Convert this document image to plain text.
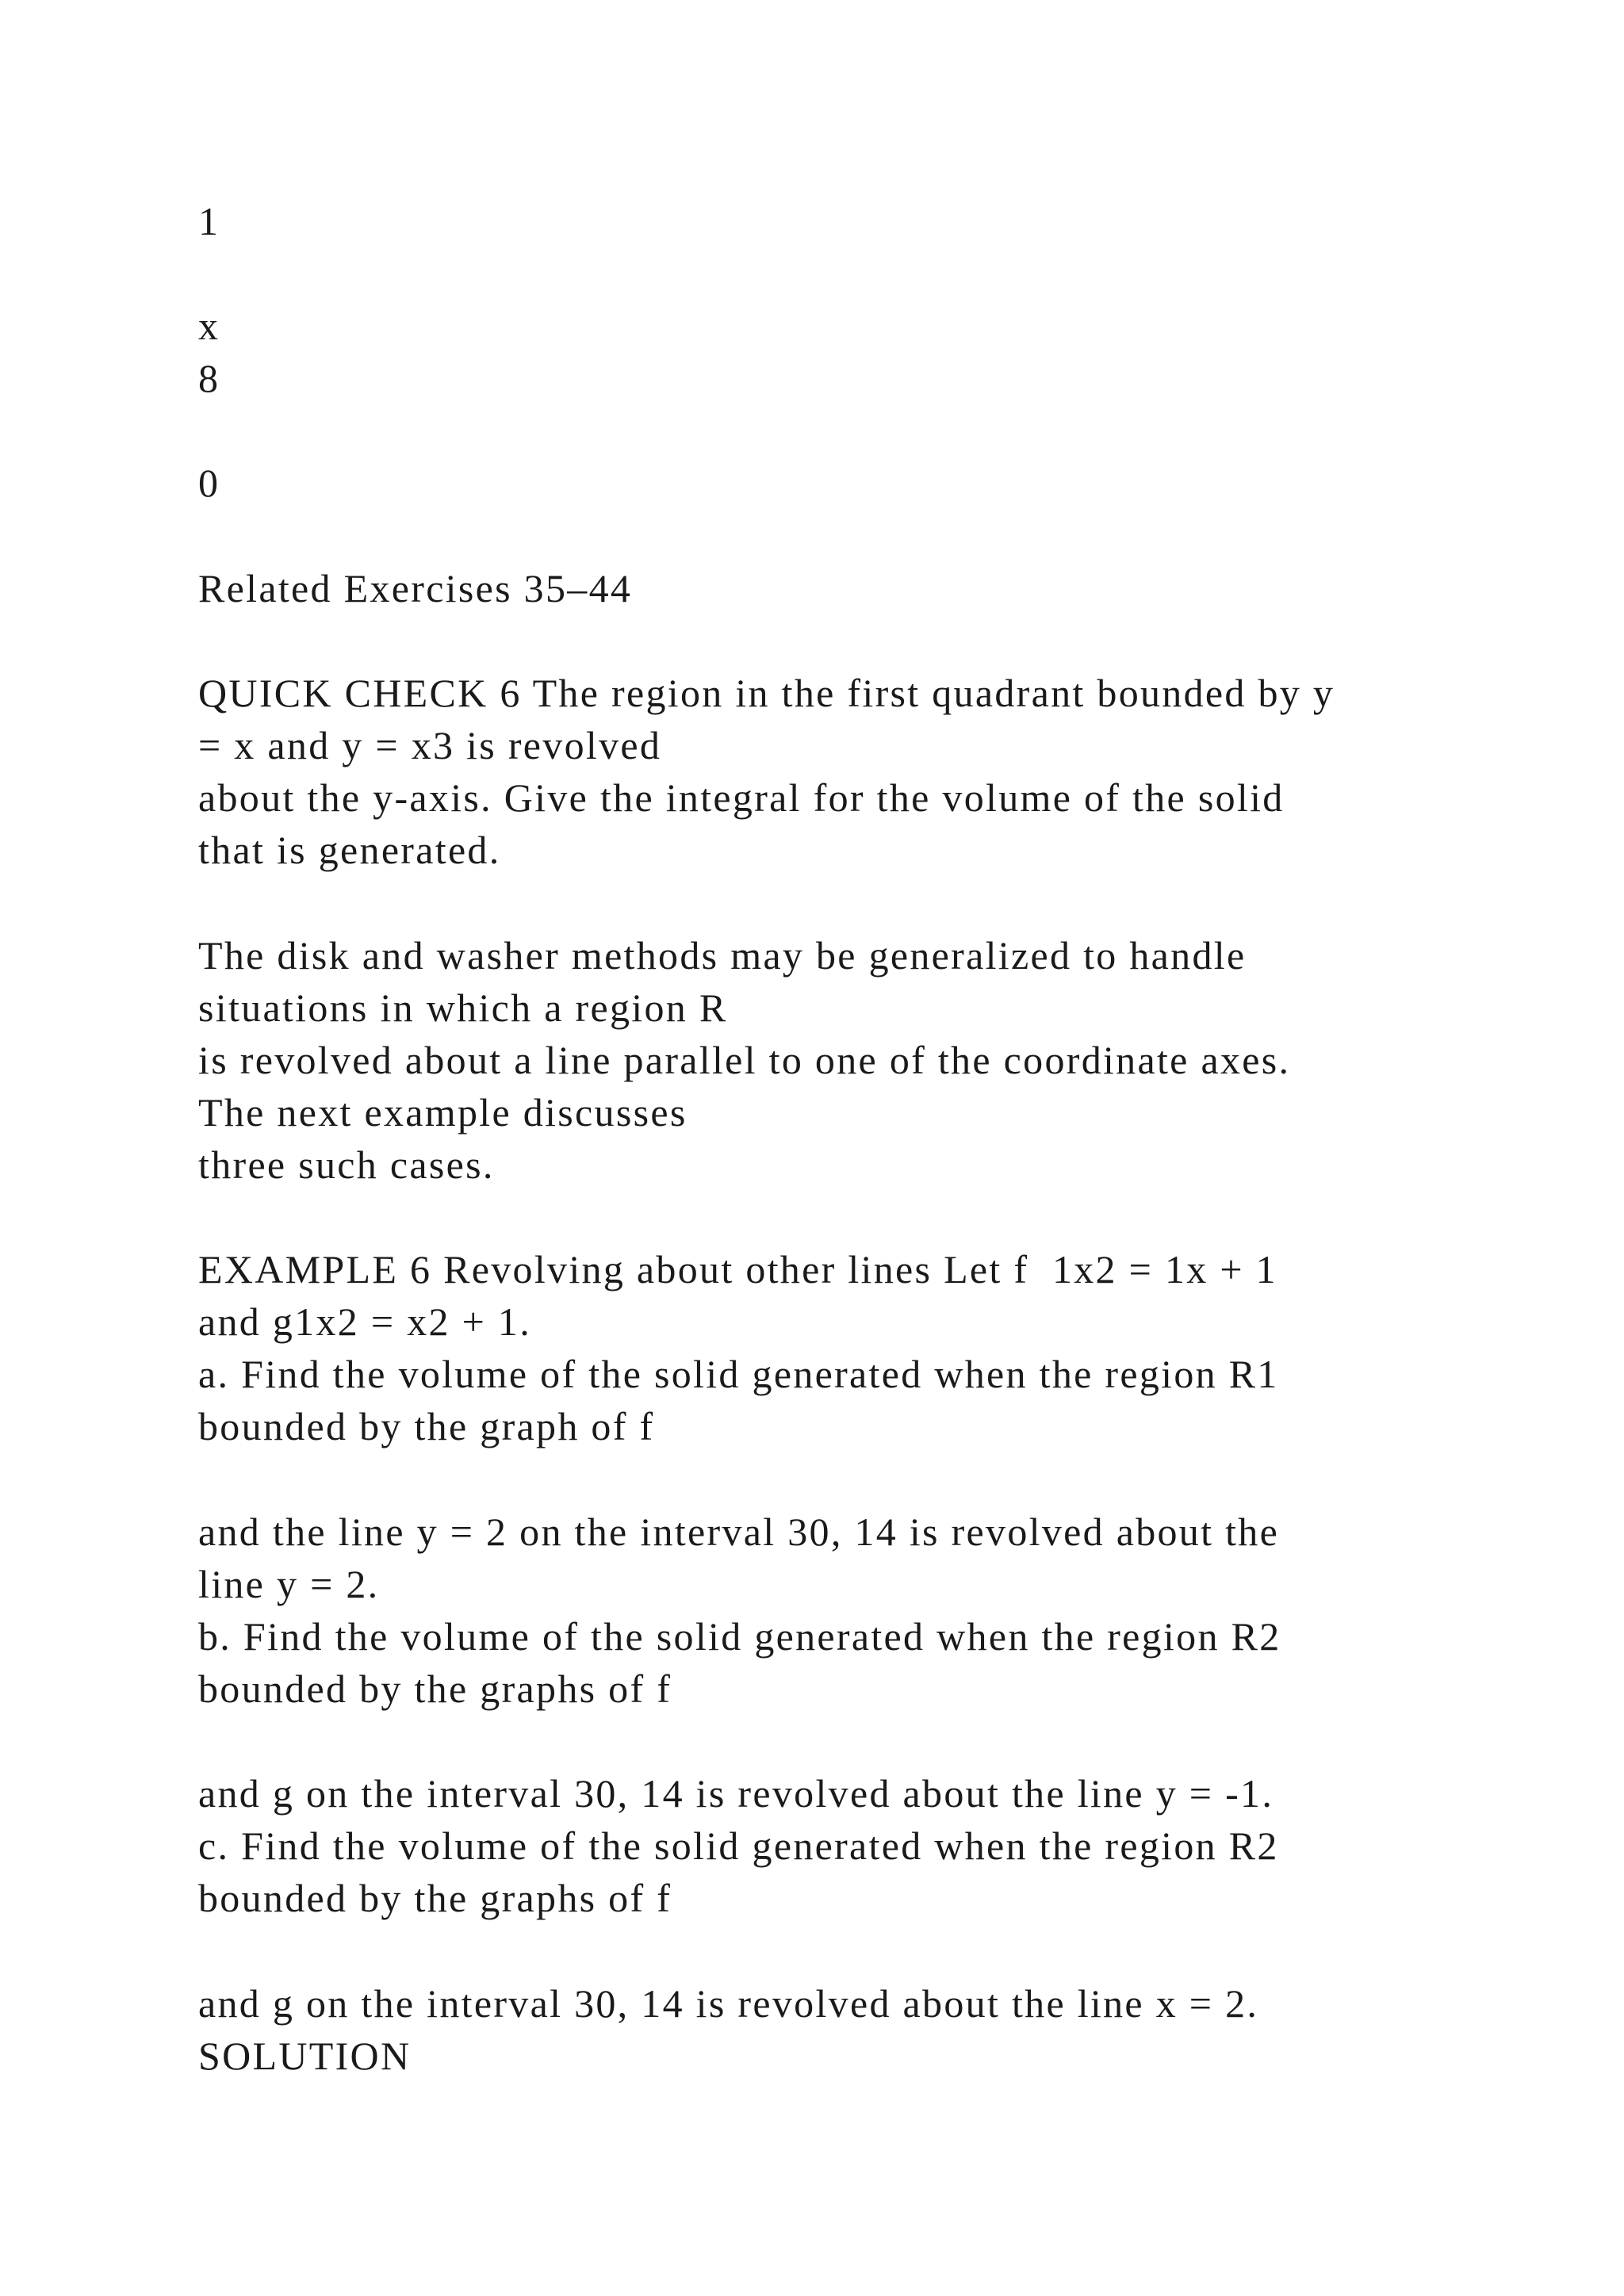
1
x
8
0
Related Exercises 35–44
QUICK CHECK 6 The region in the first quadrant bounded by y
= x and y = x3 is revolved
about the y-axis. Give the integral for the volume of the solid
that is generated.
The disk and washer methods may be generalized to handle
situations in which a region R
is revolved about a line parallel to one of the coordinate axes.
The next example discusses
three such cases.
EXAMPLE 6 Revolving about other lines Let f  1x2 = 1x + 1
and g1x2 = x2 + 1.
a. Find the volume of the solid generated when the region R1
bounded by the graph of f
and the line y = 2 on the interval 30, 14 is revolved about the
line y = 2.
b. Find the volume of the solid generated when the region R2
bounded by the graphs of f
and g on the interval 30, 14 is revolved about the line y = -1.
c. Find the volume of the solid generated when the region R2
bounded by the graphs of f
and g on the interval 30, 14 is revolved about the line x = 2.
SOLUTION
